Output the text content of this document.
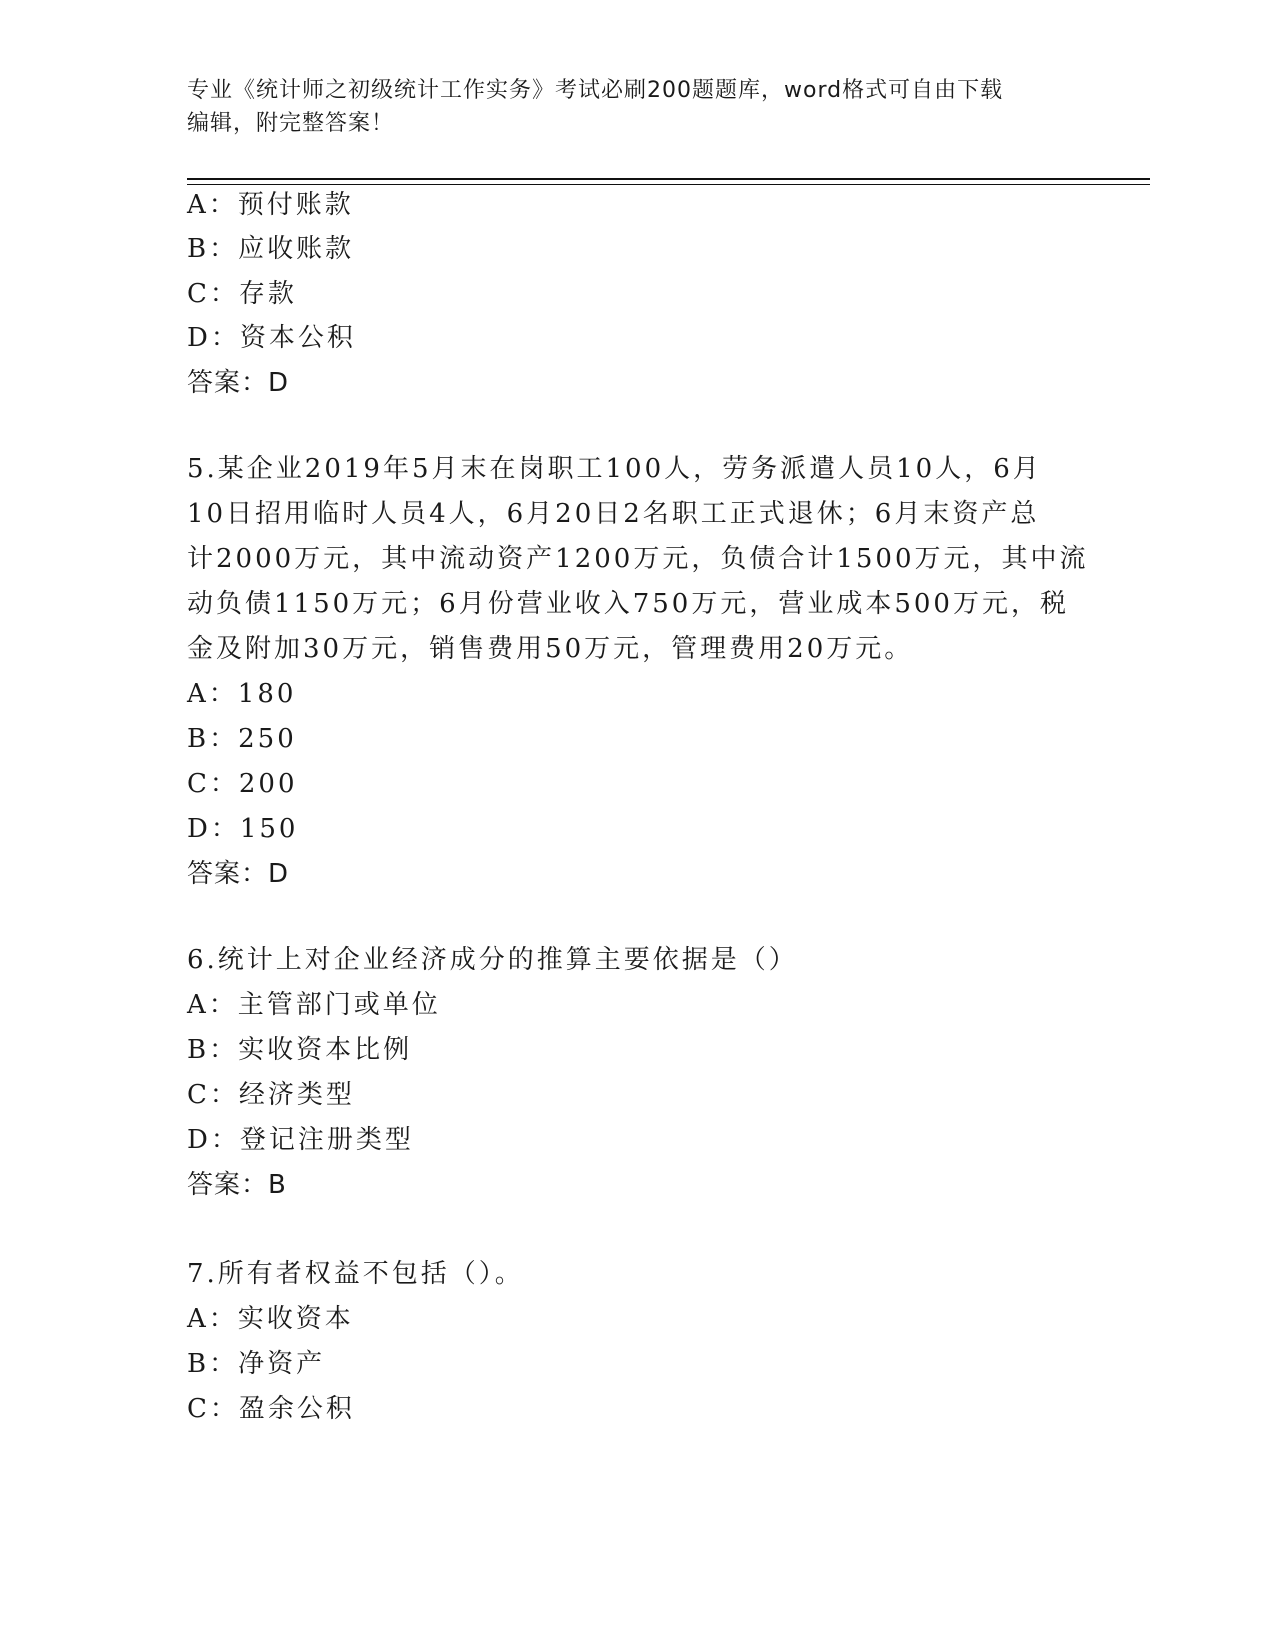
专业《统计师之初级统计工作实务》考试必刷200题题库，word格式可自由下载
编辑，附完整答案！
A：预付账款
B：应收账款
C：存款
D：资本公积
答案：D
5.某企业2019年5月末在岗职工100人，劳务派遣人员10人，6月
10日招用临时人员4人，6月20日2名职工正式退休；6月末资产总
计2000万元，其中流动资产1200万元，负债合计1500万元，其中流
动负债1150万元；6月份营业收入750万元，营业成本500万元，税
金及附加30万元，销售费用50万元，管理费用20万元。
A：180
B：250
C：200
D：150
答案：D
6.统计上对企业经济成分的推算主要依据是（）
A：主管部门或单位
B：实收资本比例
C：经济类型
D：登记注册类型
答案：B
7.所有者权益不包括（）。
A：实收资本
B：净资产
C：盈余公积
